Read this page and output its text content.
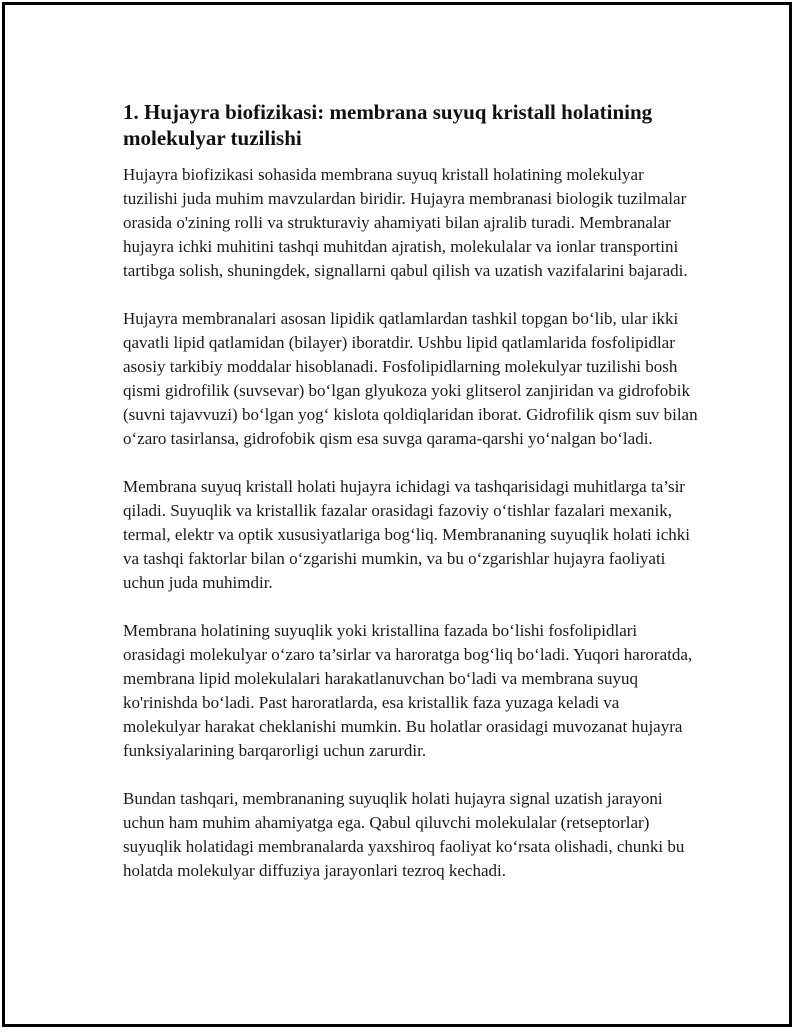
1. Hujayra biofizikasi: membrana suyuq kristall holatining molekulyar tuzilishi

Hujayra biofizikasi sohasida membrana suyuq kristall holatining molekulyar tuzilishi juda muhim mavzulardan biridir. Hujayra membranasi biologik tuzilmalar orasida o'zining rolli va strukturaviy ahamiyati bilan ajralib turadi. Membranalar hujayra ichki muhitini tashqi muhitdan ajratish, molekulalar va ionlar transportini tartibga solish, shuningdek, signallarni qabul qilish va uzatish vazifalarini bajaradi.

Hujayra membranalari asosan lipidik qatlamlardan tashkil topgan bo‘lib, ular ikki qavatli lipid qatlamidan (bilayer) iboratdir. Ushbu lipid qatlamlarida fosfolipidlar asosiy tarkibiy moddalar hisoblanadi. Fosfolipidlarning molekulyar tuzilishi bosh qismi gidrofilik (suvsevar) bo‘lgan glyukoza yoki glitserol zanjiridan va gidrofobik (suvni tajavvuzi) bo‘lgan yog‘ kislota qoldiqlaridan iborat. Gidrofilik qism suv bilan o‘zaro tasirlansa, gidrofobik qism esa suvga qarama-qarshi yo‘nalgan bo‘ladi.

Membrana suyuq kristall holati hujayra ichidagi va tashqarisidagi muhitlarga ta’sir qiladi. Suyuqlik va kristallik fazalar orasidagi fazoviy o‘tishlar fazalari mexanik, termal, elektr va optik xususiyatlariga bog‘liq. Membrananing suyuqlik holati ichki va tashqi faktorlar bilan o‘zgarishi mumkin, va bu o‘zgarishlar hujayra faoliyati uchun juda muhimdir.

Membrana holatining suyuqlik yoki kristallina fazada bo‘lishi fosfolipidlari orasidagi molekulyar o‘zaro ta’sirlar va haroratga bog‘liq bo‘ladi. Yuqori haroratda, membrana lipid molekulalari harakatlanuvchan bo‘ladi va membrana suyuq ko'rinishda bo‘ladi. Past haroratlarda, esa kristallik faza yuzaga keladi va molekulyar harakat cheklanishi mumkin. Bu holatlar orasidagi muvozanat hujayra funksiyalarining barqarorligi uchun zarurdir.

Bundan tashqari, membrananing suyuqlik holati hujayra signal uzatish jarayoni uchun ham muhim ahamiyatga ega. Qabul qiluvchi molekulalar (retseptorlar) suyuqlik holatidagi membranalarda yaxshiroq faoliyat ko‘rsata olishadi, chunki bu holatda molekulyar diffuziya jarayonlari tezroq kechadi.
